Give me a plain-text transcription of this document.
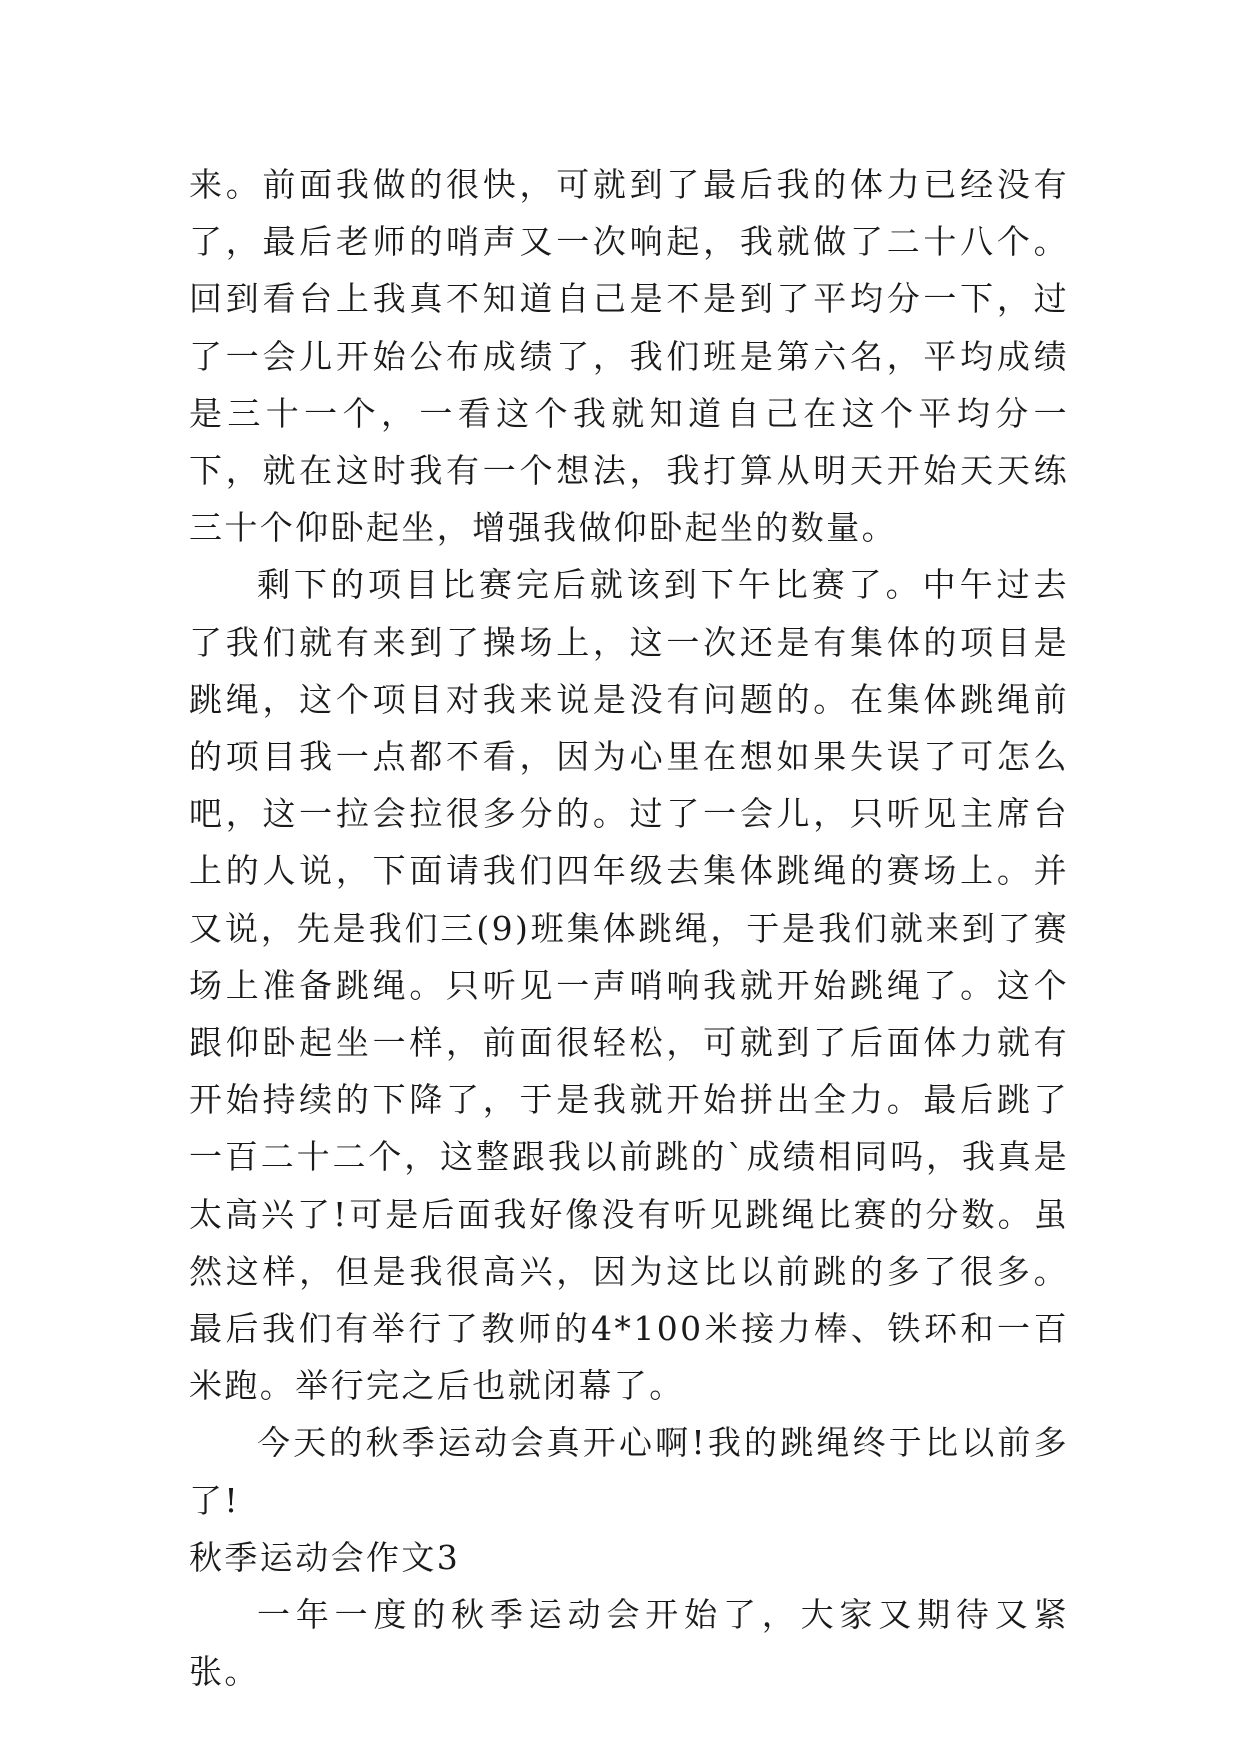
来。前面我做的很快，可就到了最后我的体力已经没有了，最后老师的哨声又一次响起，我就做了二十八个。回到看台上我真不知道自己是不是到了平均分一下，过了一会儿开始公布成绩了，我们班是第六名，平均成绩是三十一个，一看这个我就知道自己在这个平均分一下，就在这时我有一个想法，我打算从明天开始天天练三十个仰卧起坐，增强我做仰卧起坐的数量。

剩下的项目比赛完后就该到下午比赛了。中午过去了我们就有来到了操场上，这一次还是有集体的项目是跳绳，这个项目对我来说是没有问题的。在集体跳绳前的项目我一点都不看，因为心里在想如果失误了可怎么吧，这一拉会拉很多分的。过了一会儿，只听见主席台上的人说，下面请我们四年级去集体跳绳的赛场上。并又说，先是我们三(9)班集体跳绳，于是我们就来到了赛场上准备跳绳。只听见一声哨响我就开始跳绳了。这个跟仰卧起坐一样，前面很轻松，可就到了后面体力就有开始持续的下降了，于是我就开始拼出全力。最后跳了一百二十二个，这整跟我以前跳的`成绩相同吗，我真是太高兴了!可是后面我好像没有听见跳绳比赛的分数。虽然这样，但是我很高兴，因为这比以前跳的多了很多。最后我们有举行了教师的4*100米接力棒、铁环和一百米跑。举行完之后也就闭幕了。

今天的秋季运动会真开心啊!我的跳绳终于比以前多了!

秋季运动会作文3

一年一度的秋季运动会开始了，大家又期待又紧张。
